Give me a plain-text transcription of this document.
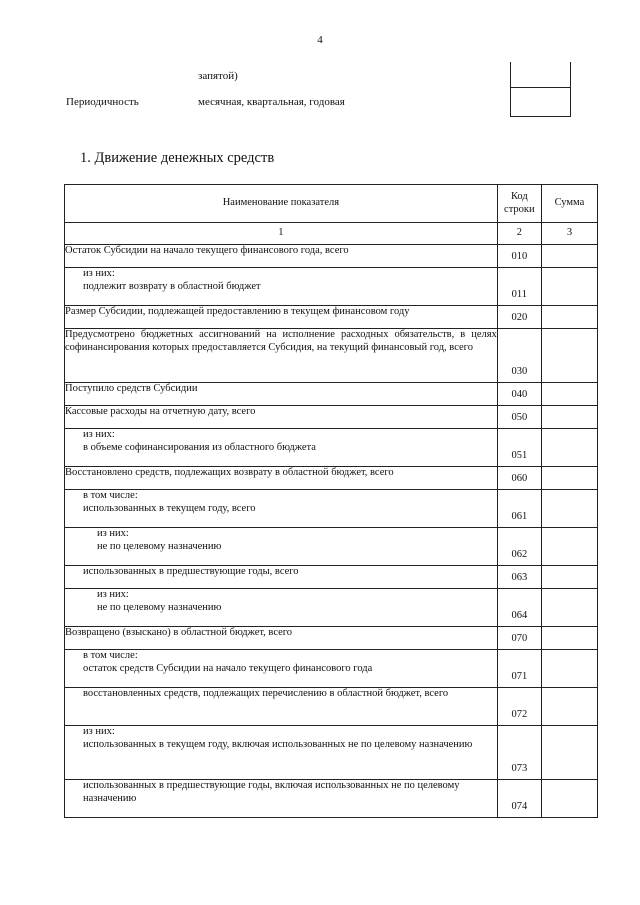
4
запятой)
Периодичность	месячная, квартальная, годовая
1. Движение денежных средств
Наименование показателя	Код строки	Сумма
1	2	3

Остаток Субсидии на начало текущего финансового года, всего	010	

из них:
подлежит возврату в областной бюджет	011	

Размер Субсидии, подлежащей предоставлению в текущем финансовом году	020	

Предусмотрено бюджетных ассигнований на исполнение расходных обязательств, в целях софинансирования которых предоставляется Субсидия, на текущий финансовый год, всего	030	

Поступило средств Субсидии	040	

Кассовые расходы на отчетную дату, всего	050	

из них:
в объеме софинансирования из областного бюджета	051	

Восстановлено средств, подлежащих возврату в областной бюджет, всего	060	

в том числе:
использованных в текущем году, всего	061	

из них:
не по целевому назначению	062	

использованных в предшествующие годы, всего	063	

из них:
не по целевому назначению	064	

Возвращено (взыскано) в областной бюджет, всего	070	

в том числе:
остаток средств Субсидии на начало текущего финансового года	071	

восстановленных средств, подлежащих перечислению в областной бюджет, всего	072	

из них:
использованных в текущем году, включая использованных не по целевому назначению	073	

использованных в предшествующие годы, включая использованных не по целевому назначению	074	
